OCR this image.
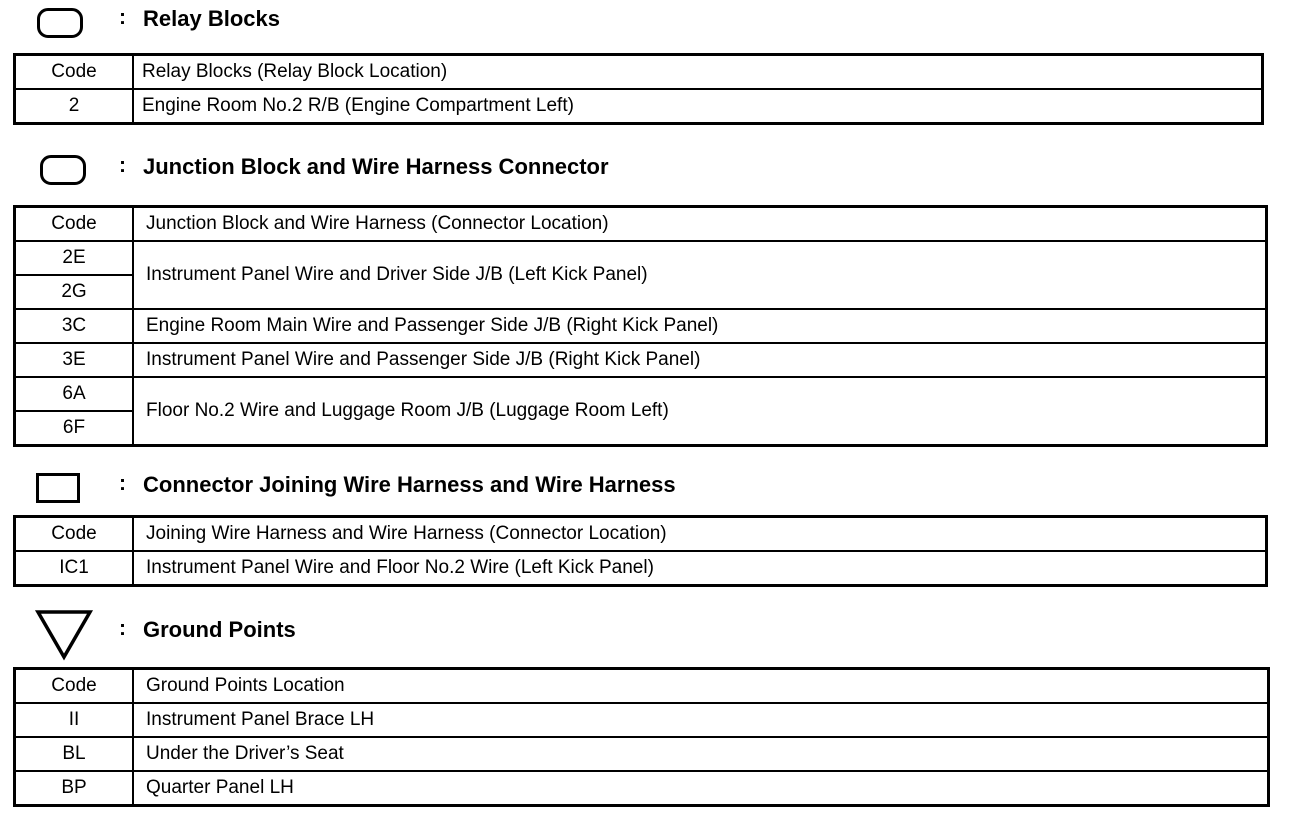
: Relay Blocks
Code	Relay Blocks (Relay Block Location)
2	Engine Room No.2 R/B (Engine Compartment Left)
: Junction Block and Wire Harness Connector
Code	Junction Block and Wire Harness (Connector Location)
2E	Instrument Panel Wire and Driver Side J/B (Left Kick Panel)
2G	
3C	Engine Room Main Wire and Passenger Side J/B (Right Kick Panel)
3E	Instrument Panel Wire and Passenger Side J/B (Right Kick Panel)
6A	Floor No.2 Wire and Luggage Room J/B (Luggage Room Left)
6F	
: Connector Joining Wire Harness and Wire Harness
Code	Joining Wire Harness and Wire Harness (Connector Location)
IC1	Instrument Panel Wire and Floor No.2 Wire (Left Kick Panel)
: Ground Points
Code	Ground Points Location
II	Instrument Panel Brace LH
BL	Under the Driver’s Seat
BP	Quarter Panel LH
